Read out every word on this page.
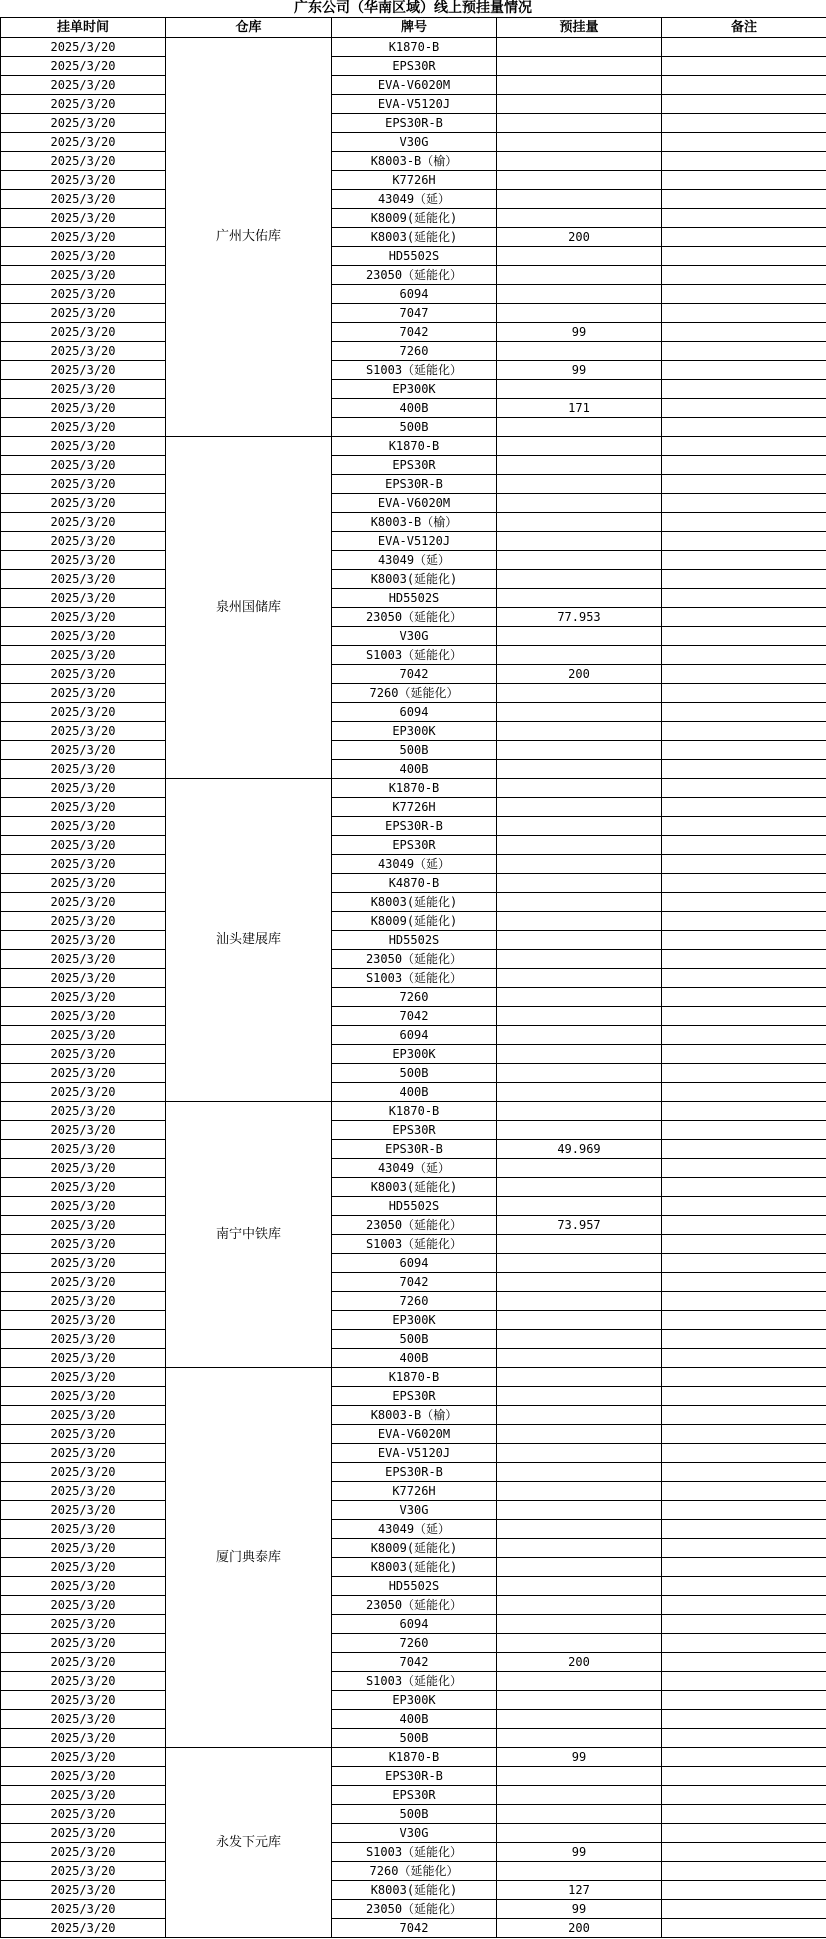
广东公司（华南区域）线上预挂量情况
挂单时间	仓库	牌号	预挂量	备注
2025/3/20	广州大佑库	K1870-B		
2025/3/20		EPS30R		
2025/3/20		EVA-V6020M		
2025/3/20		EVA-V5120J		
2025/3/20		EPS30R-B		
2025/3/20		V30G		
2025/3/20		K8003-B（榆）		
2025/3/20		K7726H		
2025/3/20		43049（延）		
2025/3/20		K8009(延能化)		
2025/3/20		K8003(延能化)	200	
2025/3/20		HD5502S		
2025/3/20		23050（延能化）		
2025/3/20		6094		
2025/3/20		7047		
2025/3/20		7042	99	
2025/3/20		7260		
2025/3/20		S1003（延能化）	99	
2025/3/20		EP300K		
2025/3/20		400B	171	
2025/3/20		500B		
2025/3/20	泉州国储库	K1870-B		
2025/3/20		EPS30R		
2025/3/20		EPS30R-B		
2025/3/20		EVA-V6020M		
2025/3/20		K8003-B（榆）		
2025/3/20		EVA-V5120J		
2025/3/20		43049（延）		
2025/3/20		K8003(延能化)		
2025/3/20		HD5502S		
2025/3/20		23050（延能化）	77.953	
2025/3/20		V30G		
2025/3/20		S1003（延能化）		
2025/3/20		7042	200	
2025/3/20		7260（延能化）		
2025/3/20		6094		
2025/3/20		EP300K		
2025/3/20		500B		
2025/3/20		400B		
2025/3/20	汕头建展库	K1870-B		
2025/3/20		K7726H		
2025/3/20		EPS30R-B		
2025/3/20		EPS30R		
2025/3/20		43049（延）		
2025/3/20		K4870-B		
2025/3/20		K8003(延能化)		
2025/3/20		K8009(延能化)		
2025/3/20		HD5502S		
2025/3/20		23050（延能化）		
2025/3/20		S1003（延能化）		
2025/3/20		7260		
2025/3/20		7042		
2025/3/20		6094		
2025/3/20		EP300K		
2025/3/20		500B		
2025/3/20		400B		
2025/3/20	南宁中铁库	K1870-B		
2025/3/20		EPS30R		
2025/3/20		EPS30R-B	49.969	
2025/3/20		43049（延）		
2025/3/20		K8003(延能化)		
2025/3/20		HD5502S		
2025/3/20		23050（延能化）	73.957	
2025/3/20		S1003（延能化）		
2025/3/20		6094		
2025/3/20		7042		
2025/3/20		7260		
2025/3/20		EP300K		
2025/3/20		500B		
2025/3/20		400B		
2025/3/20	厦门典泰库	K1870-B		
2025/3/20		EPS30R		
2025/3/20		K8003-B（榆）		
2025/3/20		EVA-V6020M		
2025/3/20		EVA-V5120J		
2025/3/20		EPS30R-B		
2025/3/20		K7726H		
2025/3/20		V30G		
2025/3/20		43049（延）		
2025/3/20		K8009(延能化)		
2025/3/20		K8003(延能化)		
2025/3/20		HD5502S		
2025/3/20		23050（延能化）		
2025/3/20		6094		
2025/3/20		7260		
2025/3/20		7042	200	
2025/3/20		S1003（延能化）		
2025/3/20		EP300K		
2025/3/20		400B		
2025/3/20		500B		
2025/3/20	永发下元库	K1870-B	99	
2025/3/20		EPS30R-B		
2025/3/20		EPS30R		
2025/3/20		500B		
2025/3/20		V30G		
2025/3/20		S1003（延能化）	99	
2025/3/20		7260（延能化）		
2025/3/20		K8003(延能化)	127	
2025/3/20		23050（延能化）	99	
2025/3/20		7042	200	
